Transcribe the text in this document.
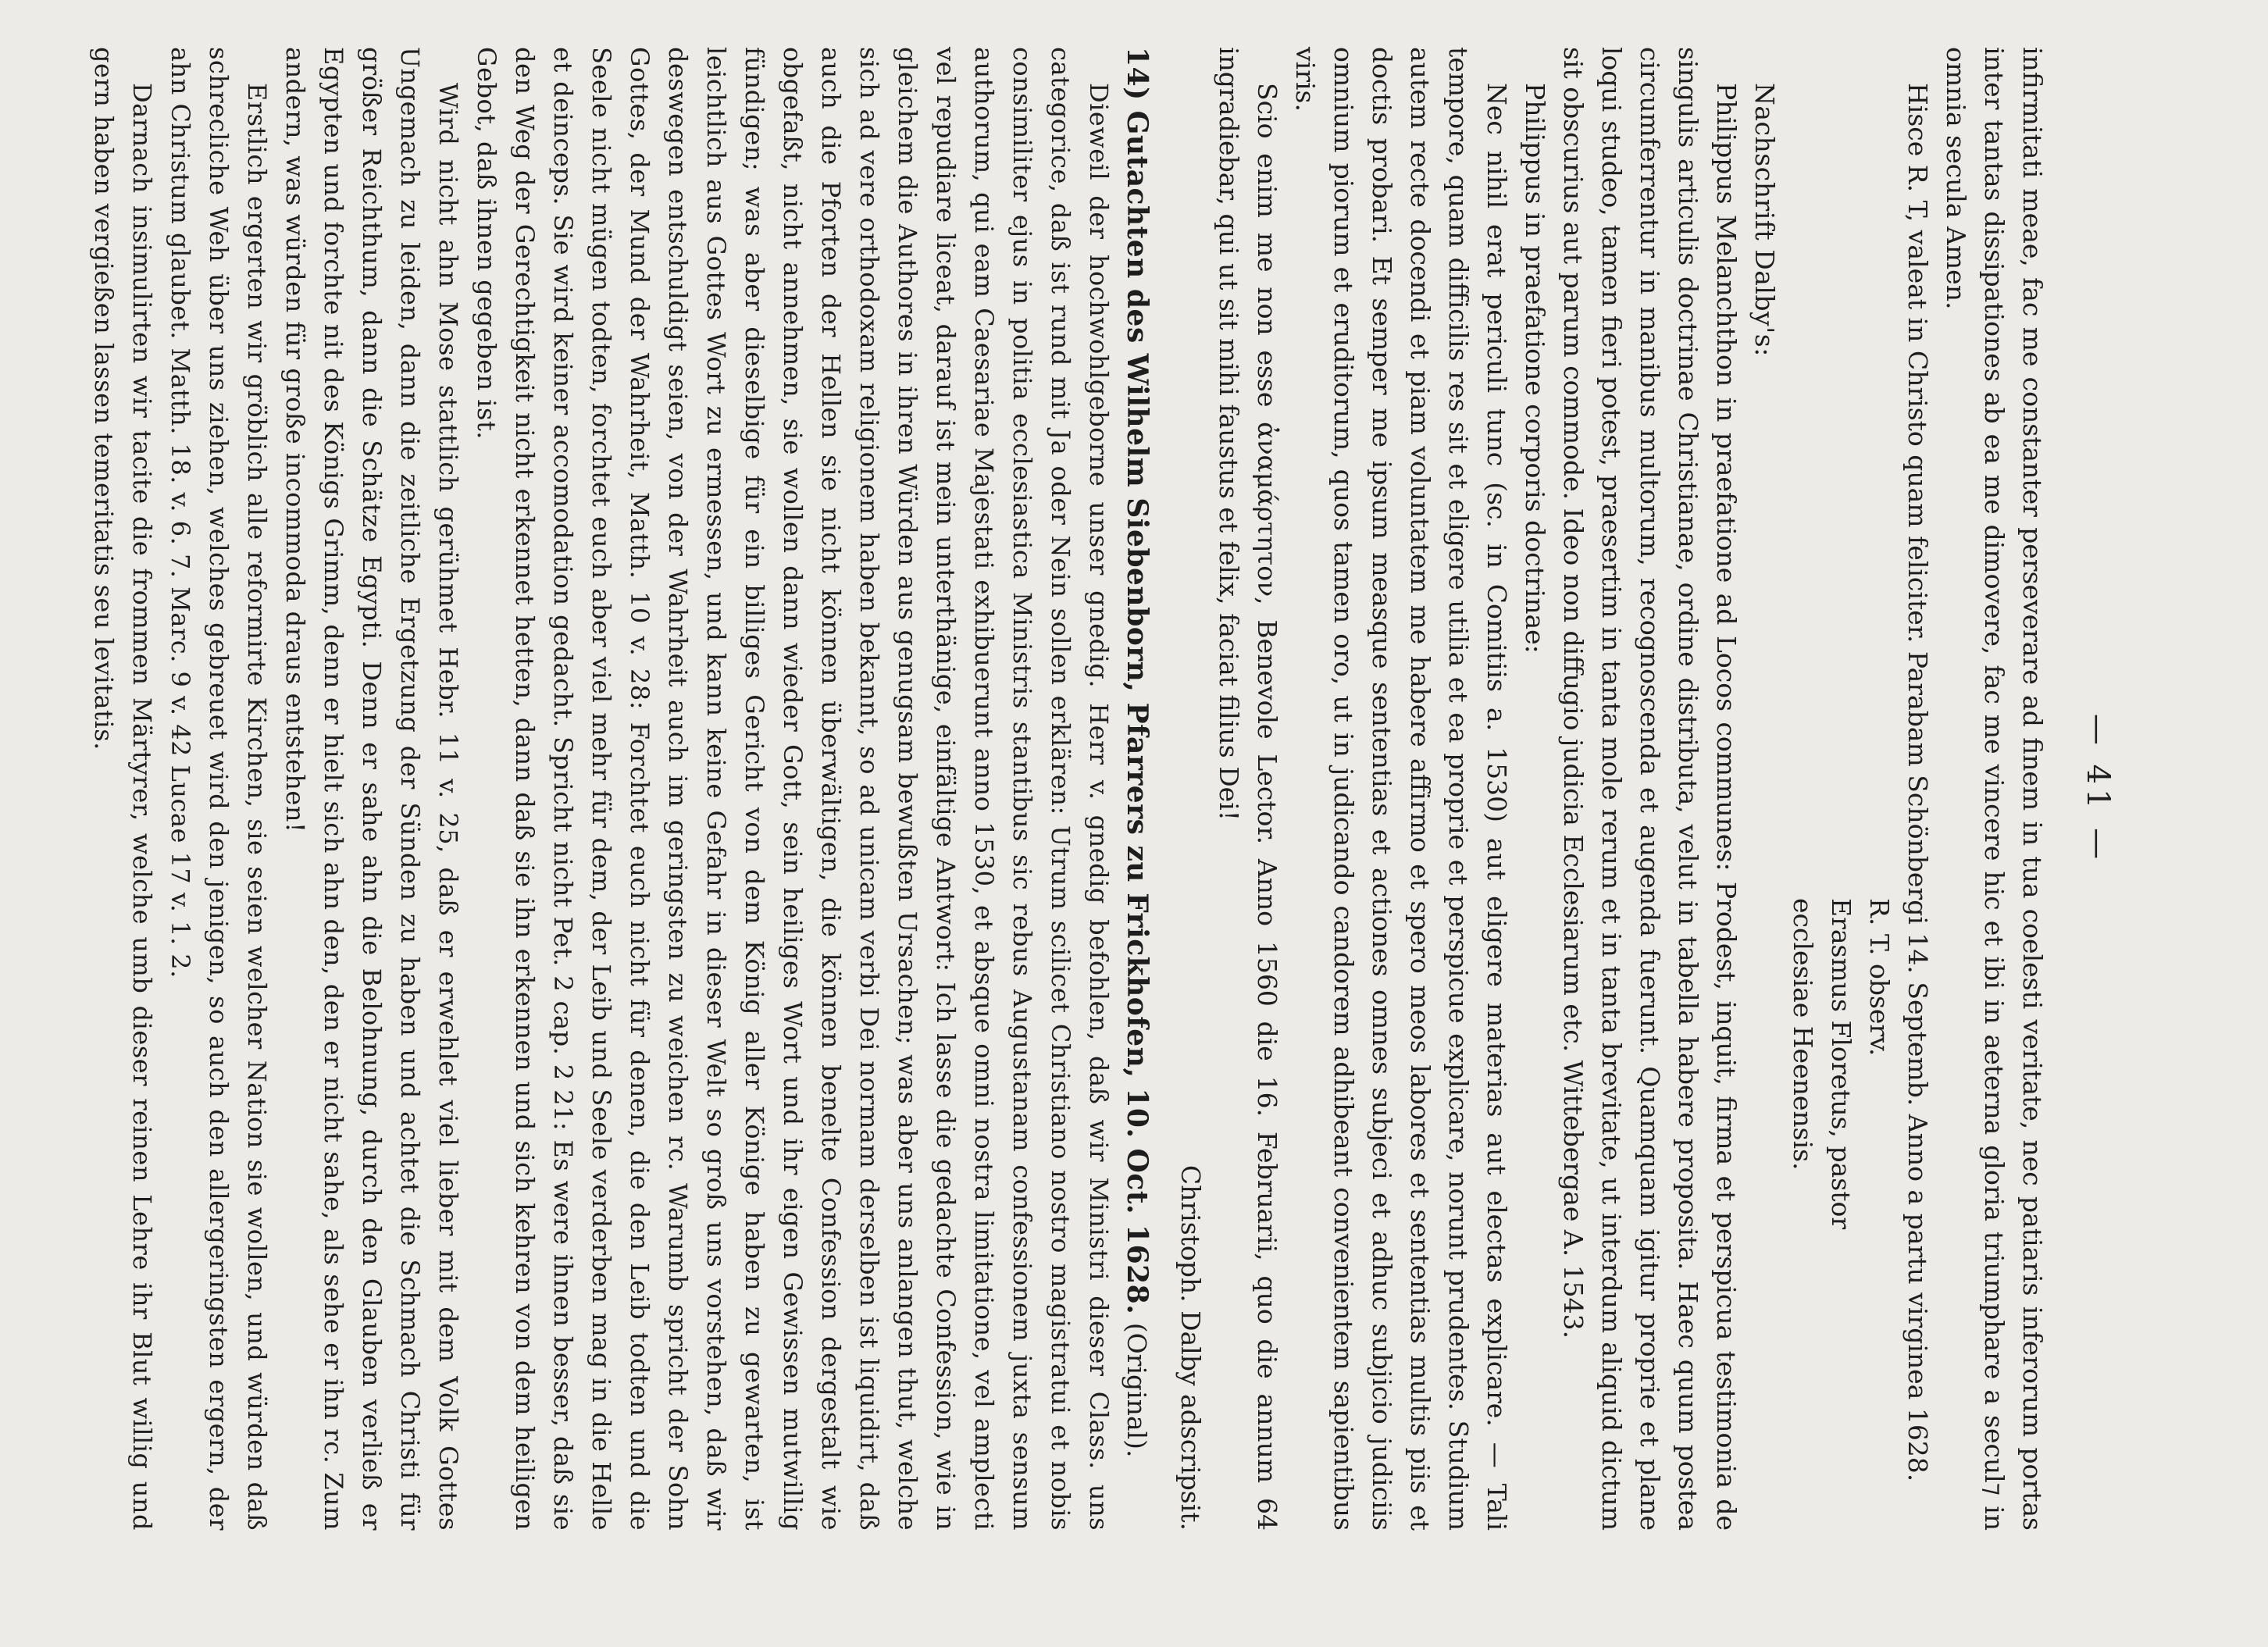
— 41 —

infirmitati meae, fac me constanter perseverare ad finem in tua coelesti veritate, nec patiaris inferorum portas inter tantas dissipationes ab ea me dimovere, fac me vincere hic et ibi in aeterna gloria triumphare a secul⁊ in omnia secula Amen.

Hisce R. T, valeat in Christo quam feliciter. Parabam Schönbergi 14. Septemb. Anno a partu virginea 1628.

R. T. observ.

Erasmus Floretus, pastor

ecclesiae Heenensis.

Nachschrift Dalby's:

Philippus Melanchthon in praefatione ad Locos communes: Prodest, inquit, firma et perspicua testimonia de singulis articulis doctrinae Christianae, ordine distributa, velut in tabella habere proposita. Haec quum postea circumferrentur in manibus multorum, recognoscenda et augenda fuerunt. Quamquam igitur proprie et plane loqui studeo, tamen fieri potest, praesertim in tanta mole rerum et in tanta brevitate, ut interdum aliquid dictum sit obscurius aut parum commode. Ideo non diffugio judicia Ecclesiarum etc. Wittebergae A. 1543.

Philippus in praefatione corporis doctrinae:

Nec nihil erat periculi tunc (sc. in Comitiis a. 1530) aut eligere materias aut electas explicare. — Tali tempore, quam difficilis res sit et eligere utilia et ea proprie et perspicue explicare, norunt prudentes. Studium autem recte docendi et piam voluntatem me habere affirmo et spero meos labores et sententias multis piis et doctis probari. Et semper me ipsum measque sententias et actiones omnes subjeci et adhuc subjicio judiciis omnium piorum et eruditorum, quos tamen oro, ut in judicando candorem adhibeant convenientem sapientibus viris.

Scio enim me non esse ἀναμάρτητον, Benevole Lector. Anno 1560 die 16. Februarii, quo die annum 64 ingradiebar, qui ut sit mihi faustus et felix, faciat filius Dei!

Christoph. Dalby adscripsit.

14) Gutachten des Wilhelm Siebenborn, Pfarrers zu Frickhofen, 10. Oct. 1628. (Original).

Dieweil der hochwohlgeborne unser gnedig. Herr v. gnedig befohlen, daß wir Ministri dieser Class. uns categorice, daß ist rund mit Ja oder Nein sollen erklären: Utrum scilicet Christiano nostro magistratui et nobis consimiliter ejus in politia ecclesiastica Ministris stantibus sic rebus Augustanam confessionem juxta sensum authorum, qui eam Caesariae Majestati exhibuerunt anno 1530, et absque omni nostra limitatione, vel amplecti vel repudiare liceat, darauf ist mein unterthänige, einfältige Antwort: Ich lasse die gedachte Confession, wie in gleichem die Authores in ihren Würden aus genugsam bewußten Ursachen; was aber uns anlangen thut, welche sich ad vere orthodoxam religionem haben bekannt, so ad unicam verbi Dei normam derselben ist liquidirt, daß auch die Pforten der Hellen sie nicht können überwältigen, die können benelte Confession dergestalt wie obgefaßt, nicht annehmen, sie wollen dann wieder Gott, sein heiliges Wort und ihr eigen Gewissen mutwillig fündigen; was aber dieselbige für ein billiges Gericht von dem König aller Könige haben zu gewarten, ist leichtlich aus Gottes Wort zu ermessen, und kann keine Gefahr in dieser Welt so groß uns vorstehen, daß wir deswegen entschuldigt seien, von der Wahrheit auch im geringsten zu weichen rc. Warumb spricht der Sohn Gottes, der Mund der Wahrheit, Matth. 10 v. 28: Forchtet euch nicht für denen, die den Leib todten und die Seele nicht mügen todten, forchtet euch aber viel mehr für dem, der Leib und Seele verderben mag in die Helle et deinceps. Sie wird keiner accomodation gedacht. Spricht nicht Pet. 2 cap. 2 21: Es were ihnen besser, daß sie den Weg der Gerechtigkeit nicht erkennet hetten, dann daß sie ihn erkennen und sich kehren von dem heiligen Gebot, daß ihnen gegeben ist.

Wird nicht ahn Mose stattlich gerühmet Hebr. 11 v. 25, daß er erwehlet viel lieber mit dem Volk Gottes Ungemach zu leiden, dann die zeitliche Ergetzung der Sünden zu haben und achtet die Schmach Christi für größer Reichthum, dann die Schätze Egypti. Denn er sahe ahn die Belohnung, durch den Glauben verließ er Egypten und forchte nit des Königs Grimm, denn er hielt sich ahn den, den er nicht sahe, als sehe er ihn rc. Zum andern, was würden für große incommoda draus entstehen!

Erstlich ergerten wir gröblich alle reformirte Kirchen, sie seien welcher Nation sie wollen, und würden daß schrecliche Weh über uns ziehen, welches gebreuet wird den jenigen, so auch den allergeringsten ergern, der ahn Christum glaubet. Matth. 18. v. 6. 7. Marc. 9 v. 42 Lucae 17 v. 1. 2.

Darnach insimulirten wir tacite die frommen Märtyrer, welche umb dieser reinen Lehre ihr Blut willig und gern haben vergießen lassen temeritatis seu levitatis.
